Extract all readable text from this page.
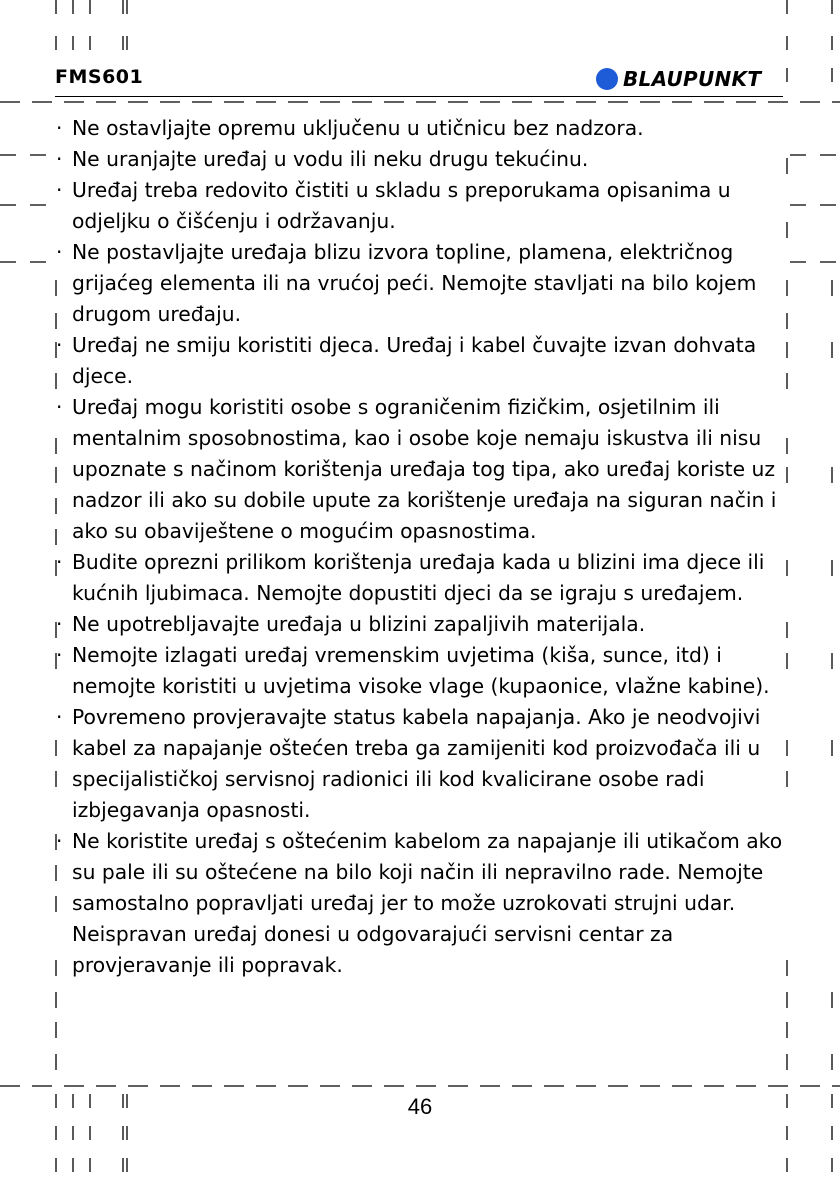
FMS601	BLAUPUNKT
· Ne ostavljajte opremu uključenu u utičnicu bez nadzora.
· Ne uranjajte uređaj u vodu ili neku drugu tekućinu.
· Uređaj treba redovito čistiti u skladu s preporukama opisanima u odjeljku o čišćenju i održavanju.
· Ne postavljajte uređaja blizu izvora topline, plamena, električnog grijaćeg elementa ili na vrućoj peći. Nemojte stavljati na bilo kojem drugom uređaju.
· Uređaj ne smiju koristiti djeca. Uređaj i kabel čuvajte izvan dohvata djece.
· Uređaj mogu koristiti osobe s ograničenim fizičkim, osjetilnim ili mentalnim sposobnostima, kao i osobe koje nemaju iskustva ili nisu upoznate s načinom korištenja uređaja tog tipa, ako uređaj koriste uz nadzor ili ako su dobile upute za korištenje uređaja na siguran način i ako su obaviještene o mogućim opasnostima.
· Budite oprezni prilikom korištenja uređaja kada u blizini ima djece ili kućnih ljubimaca. Nemojte dopustiti djeci da se igraju s uređajem.
· Ne upotrebljavajte uređaja u blizini zapaljivih materijala.
· Nemojte izlagati uređaj vremenskim uvjetima (kiša, sunce, itd) i nemojte koristiti u uvjetima visoke vlage (kupaonice, vlažne kabine).
· Povremeno provjeravajte status kabela napajanja. Ako je neodvojivi kabel za napajanje oštećen treba ga zamijeniti kod proizvođača ili u specijalističkoj servisnoj radionici ili kod kvalicirane osobe radi izbjegavanja opasnosti.
· Ne koristite uređaj s oštećenim kabelom za napajanje ili utikačom ako su pale ili su oštećene na bilo koji način ili nepravilno rade. Nemojte samostalno popravljati uređaj jer to može uzrokovati strujni udar. Neispravan uređaj donesi u odgovarajući servisni centar za provjeravanje ili popravak.
46
